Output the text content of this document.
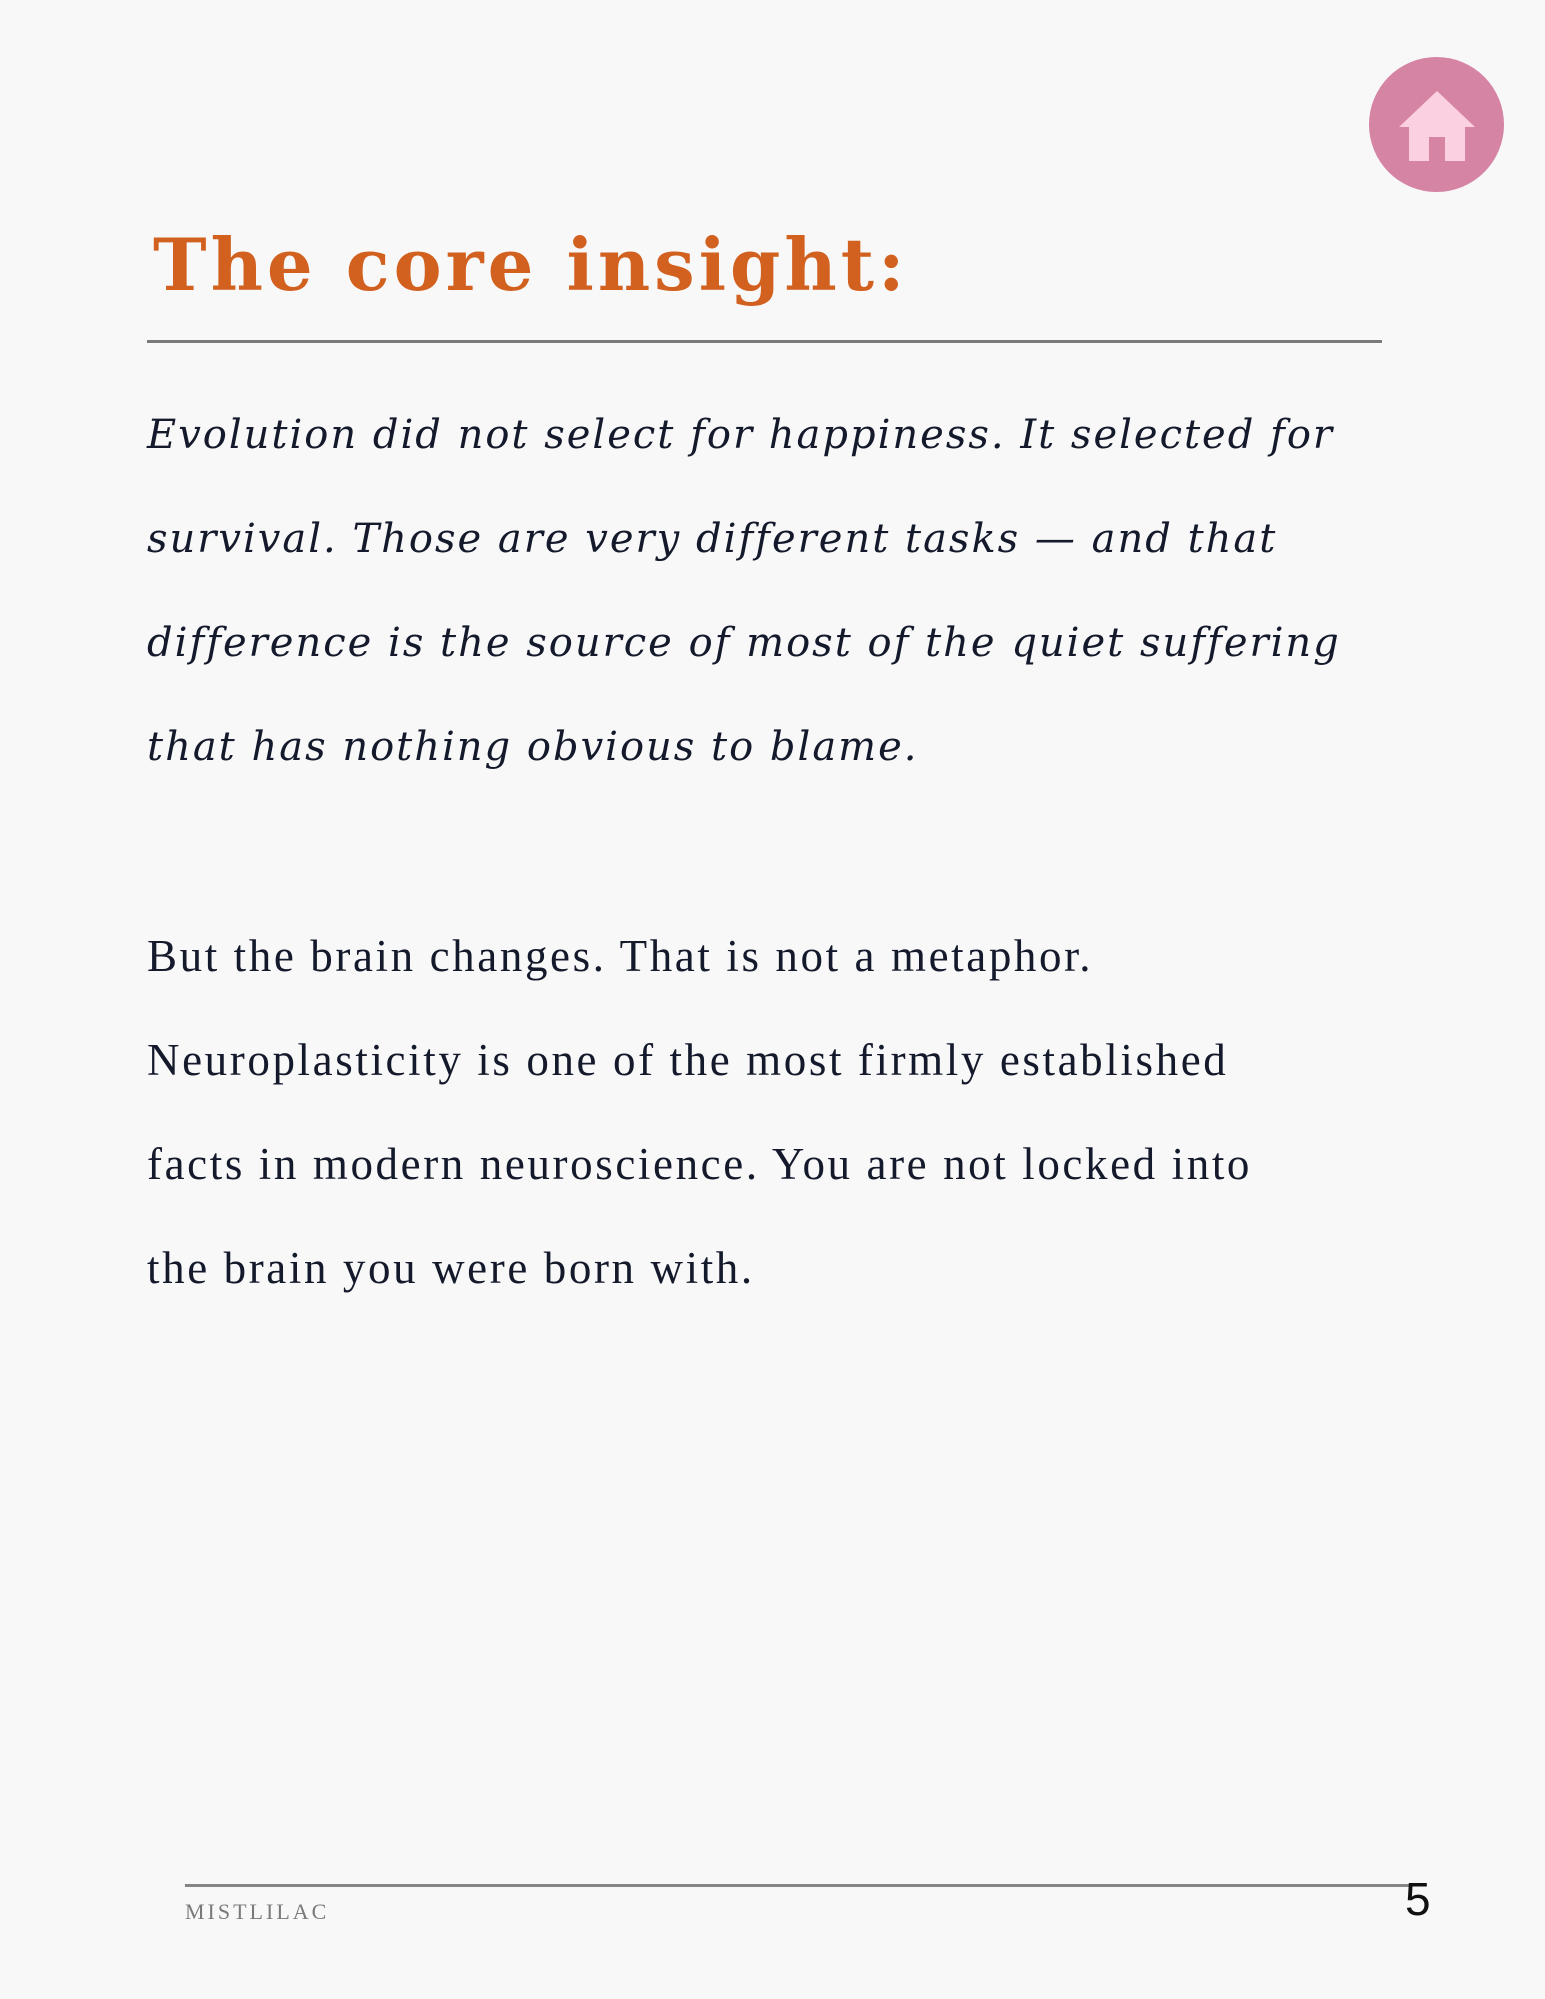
The core insight:

Evolution did not select for happiness. It selected for
survival. Those are very different tasks — and that
difference is the source of most of the quiet suffering
that has nothing obvious to blame.

But the brain changes. That is not a metaphor.
Neuroplasticity is one of the most firmly established
facts in modern neuroscience. You are not locked into
the brain you were born with.

MISTLILAC	5
